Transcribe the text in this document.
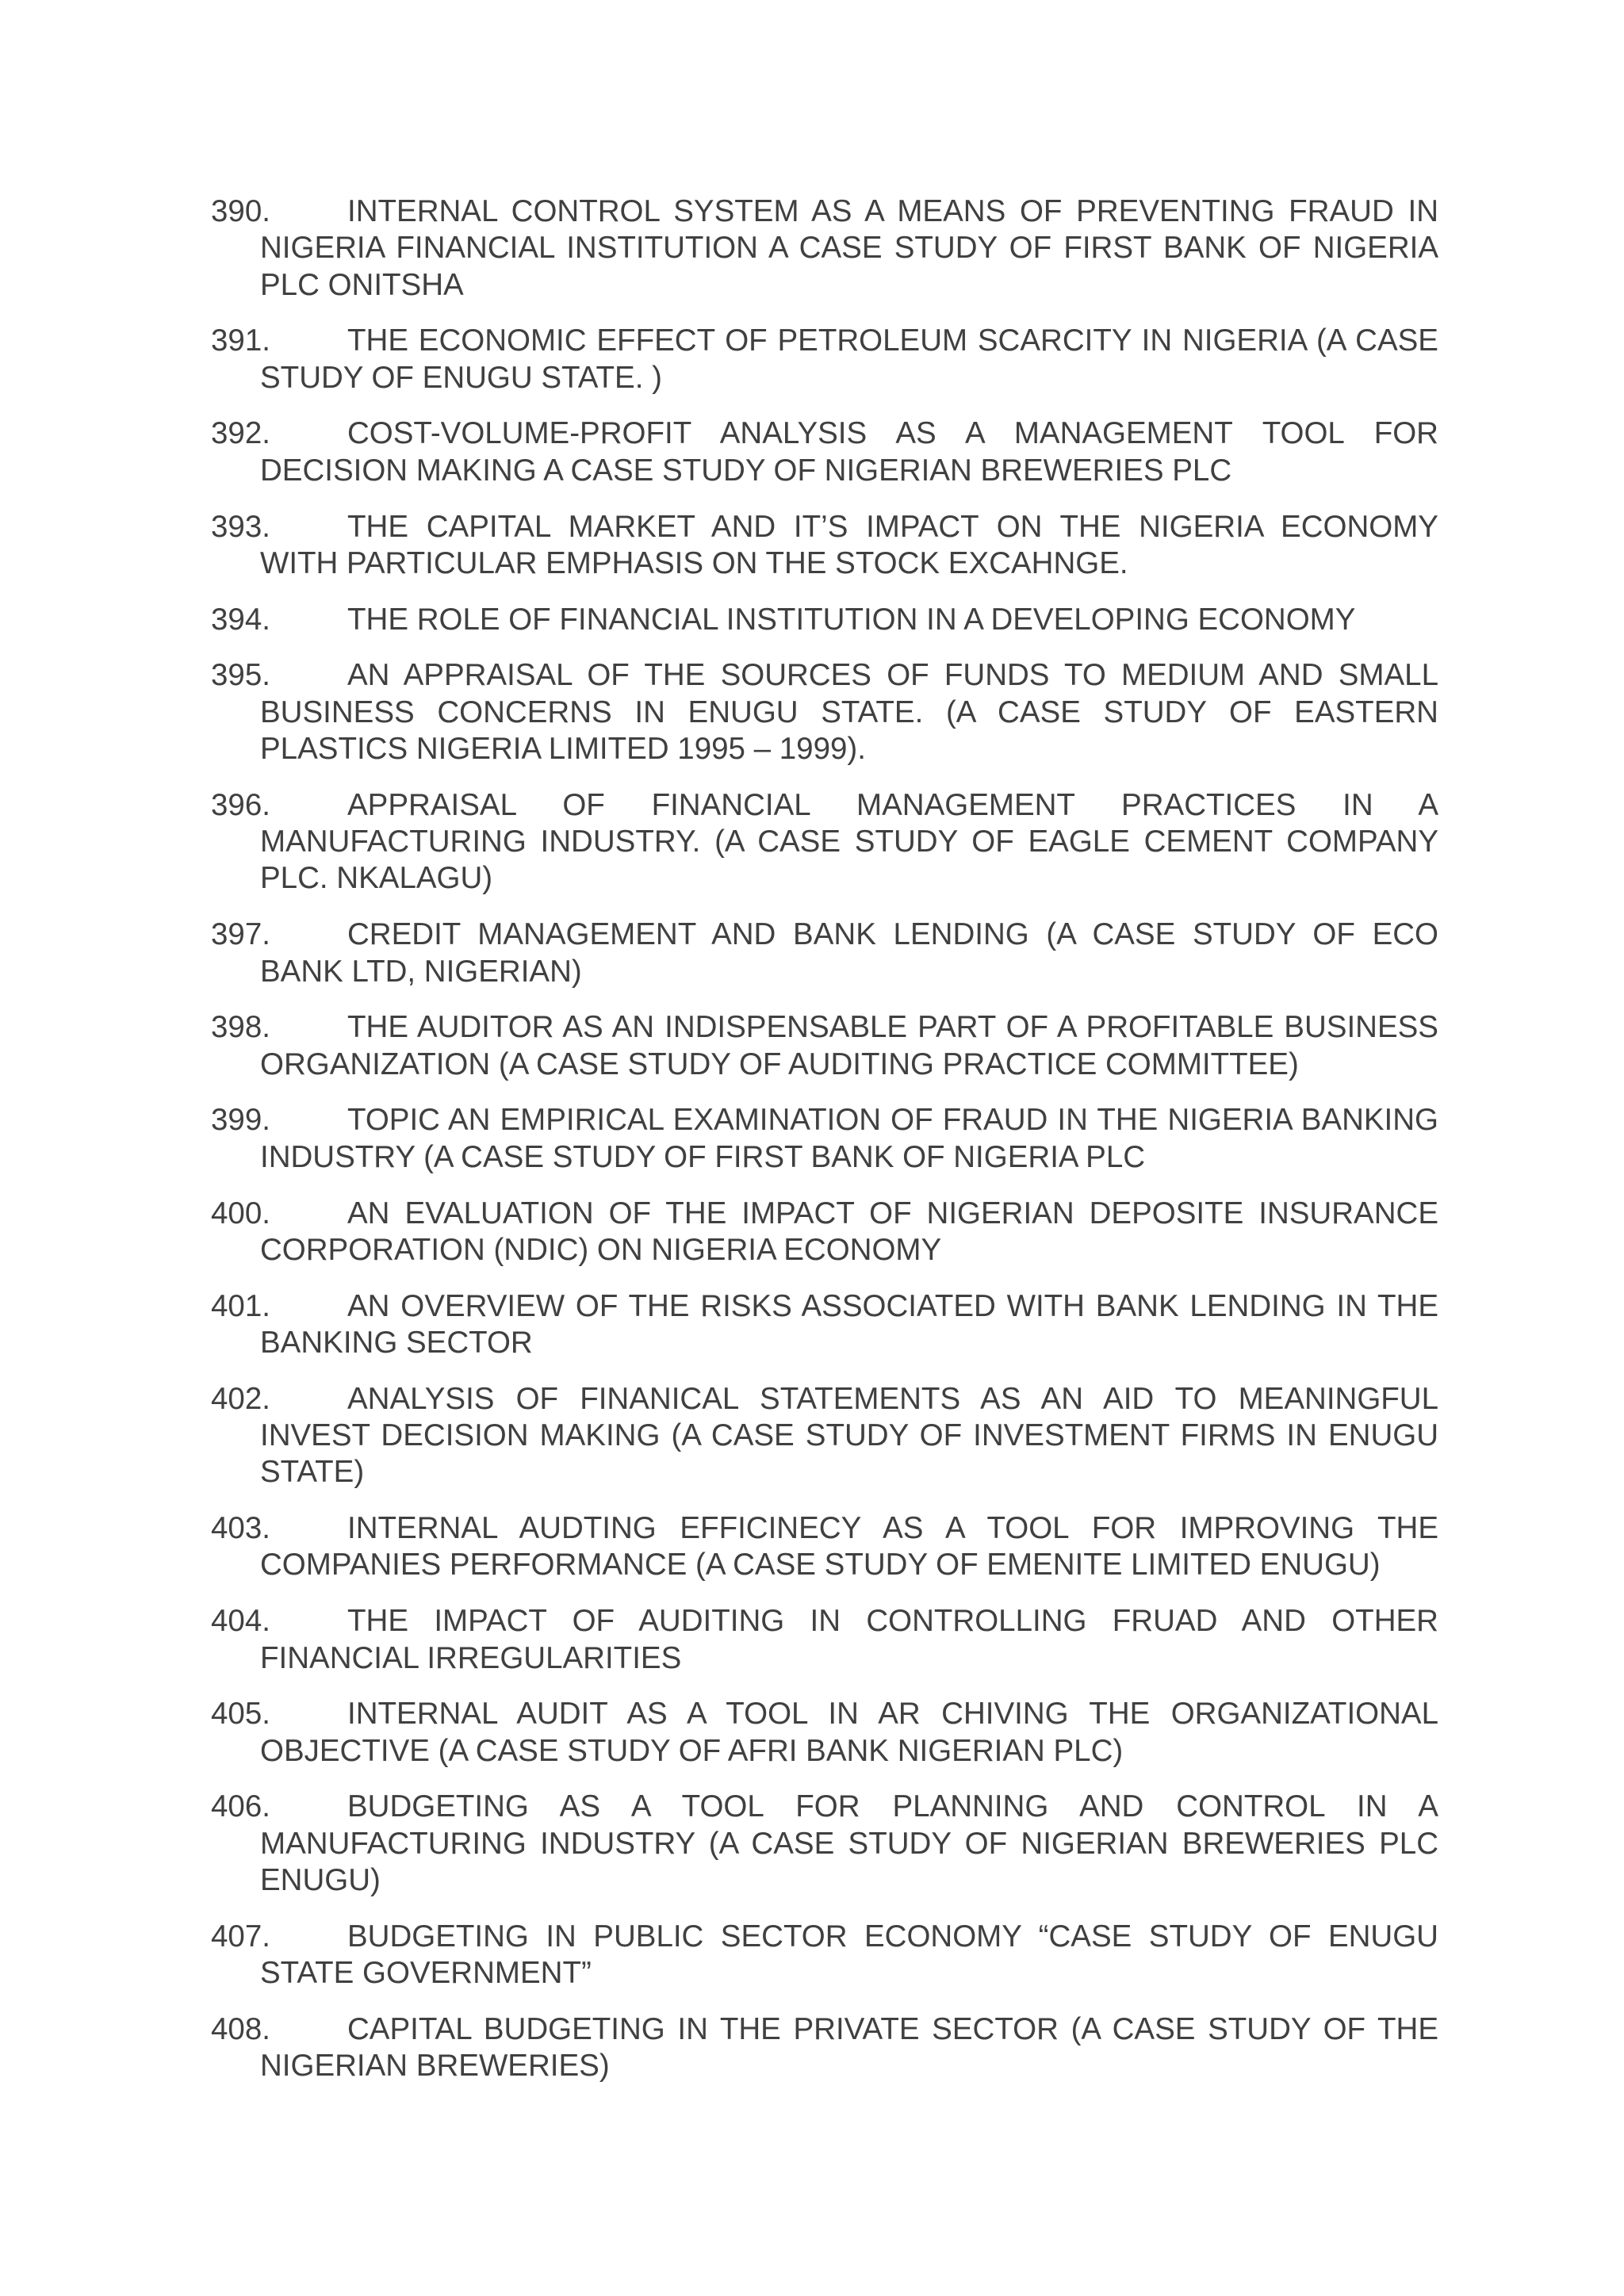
390.	INTERNAL CONTROL SYSTEM AS A MEANS OF PREVENTING FRAUD IN NIGERIA FINANCIAL INSTITUTION A CASE STUDY OF FIRST BANK OF NIGERIA PLC ONITSHA
391.	THE ECONOMIC EFFECT OF PETROLEUM SCARCITY IN NIGERIA (A CASE STUDY OF ENUGU STATE. )
392.	COST-VOLUME-PROFIT ANALYSIS AS A MANAGEMENT TOOL FOR DECISION MAKING A CASE STUDY OF NIGERIAN BREWERIES PLC
393.	THE CAPITAL MARKET AND IT’S IMPACT ON THE NIGERIA ECONOMY WITH PARTICULAR EMPHASIS ON THE STOCK EXCAHNGE.
394.	THE ROLE OF FINANCIAL INSTITUTION IN A DEVELOPING ECONOMY
395.	AN APPRAISAL OF THE SOURCES OF FUNDS TO MEDIUM AND SMALL BUSINESS CONCERNS IN ENUGU STATE. (A CASE STUDY OF EASTERN PLASTICS NIGERIA LIMITED 1995 – 1999).
396.	APPRAISAL OF FINANCIAL MANAGEMENT PRACTICES IN A MANUFACTURING INDUSTRY. (A CASE STUDY OF EAGLE CEMENT COMPANY PLC. NKALAGU)
397.	CREDIT MANAGEMENT AND BANK LENDING (A CASE STUDY OF ECO BANK LTD, NIGERIAN)
398.	THE AUDITOR AS AN INDISPENSABLE PART OF A PROFITABLE BUSINESS ORGANIZATION (A CASE STUDY OF AUDITING PRACTICE COMMITTEE)
399.	TOPIC AN EMPIRICAL EXAMINATION OF FRAUD IN THE NIGERIA BANKING INDUSTRY (A CASE STUDY OF FIRST BANK OF NIGERIA PLC
400.	AN EVALUATION OF THE IMPACT OF NIGERIAN DEPOSITE INSURANCE CORPORATION (NDIC) ON NIGERIA ECONOMY
401.	AN OVERVIEW OF THE RISKS ASSOCIATED WITH BANK LENDING IN THE BANKING SECTOR
402.	ANALYSIS OF FINANICAL STATEMENTS AS AN AID TO MEANINGFUL INVEST DECISION MAKING (A CASE STUDY OF INVESTMENT FIRMS IN ENUGU STATE)
403.	INTERNAL AUDTING EFFICINECY AS A TOOL FOR IMPROVING THE COMPANIES PERFORMANCE (A CASE STUDY OF EMENITE LIMITED ENUGU)
404.	THE IMPACT OF AUDITING IN CONTROLLING FRUAD AND OTHER FINANCIAL IRREGULARITIES
405.	INTERNAL AUDIT AS A TOOL IN AR CHIVING THE ORGANIZATIONAL OBJECTIVE (A CASE STUDY OF AFRI BANK NIGERIAN PLC)
406.	BUDGETING AS A TOOL FOR PLANNING AND CONTROL IN A MANUFACTURING INDUSTRY (A CASE STUDY OF NIGERIAN BREWERIES PLC ENUGU)
407.	BUDGETING IN PUBLIC SECTOR ECONOMY “CASE STUDY OF ENUGU STATE GOVERNMENT”
408.	CAPITAL BUDGETING IN THE PRIVATE SECTOR (A CASE STUDY OF THE NIGERIAN BREWERIES)
